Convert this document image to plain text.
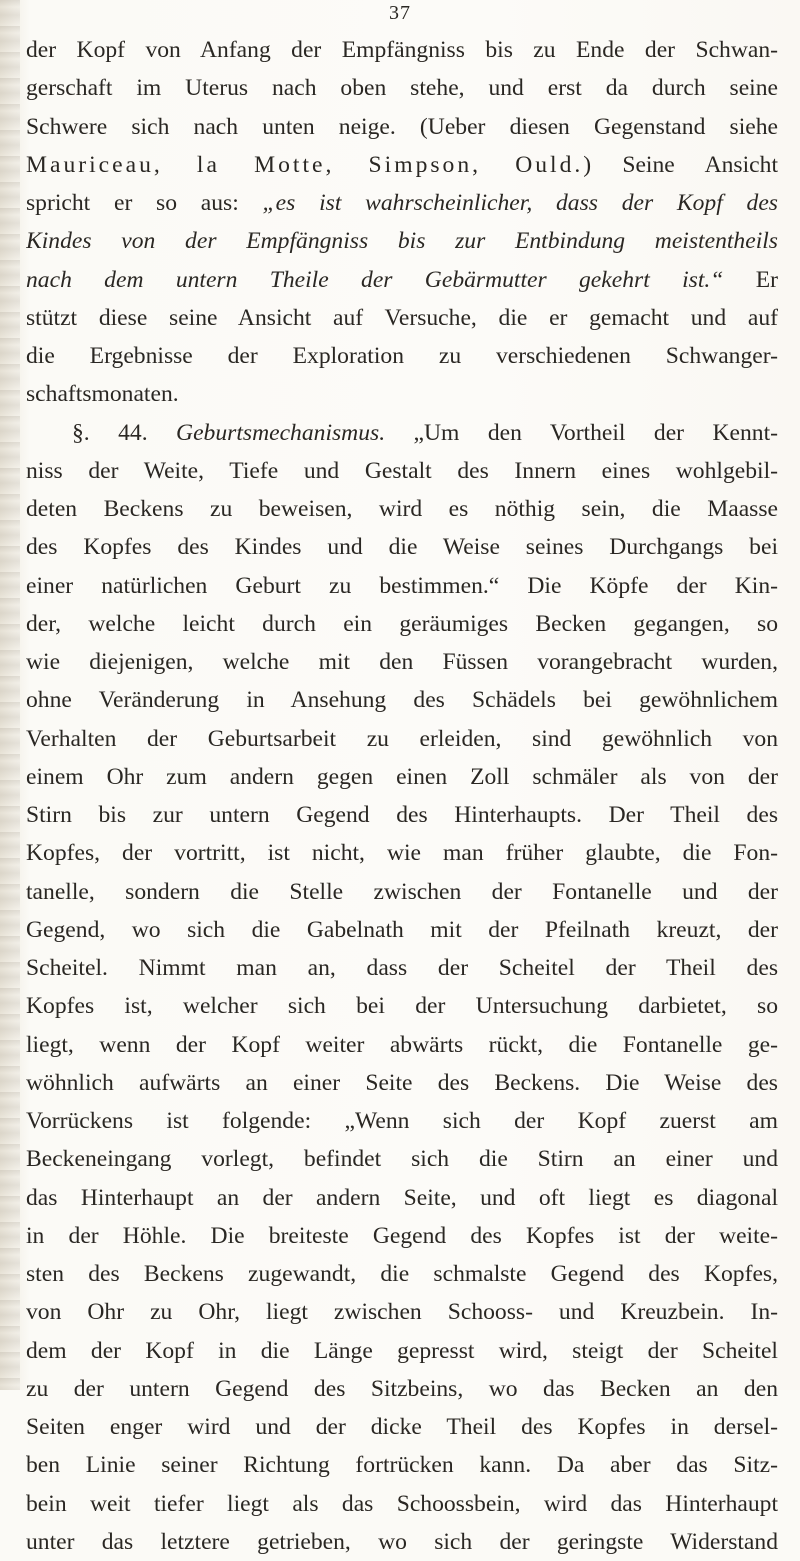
37
der Kopf von Anfang der Empfängniss bis zu Ende der Schwan-
gerschaft im Uterus nach oben stehe, und erst da durch seine
Schwere sich nach unten neige. (Ueber diesen Gegenstand siehe
Mauriceau, la Motte, Simpson, Ould.) Seine Ansicht
spricht er so aus: „es ist wahrscheinlicher, dass der Kopf des
Kindes von der Empfängniss bis zur Entbindung meistentheils
nach dem untern Theile der Gebärmutter gekehrt ist.“ Er
stützt diese seine Ansicht auf Versuche, die er gemacht und auf
die Ergebnisse der Exploration zu verschiedenen Schwanger-
schaftsmonaten.
§. 44. Geburtsmechanismus. „Um den Vortheil der Kennt-
niss der Weite, Tiefe und Gestalt des Innern eines wohlgebil-
deten Beckens zu beweisen, wird es nöthig sein, die Maasse
des Kopfes des Kindes und die Weise seines Durchgangs bei
einer natürlichen Geburt zu bestimmen.“ Die Köpfe der Kin-
der, welche leicht durch ein geräumiges Becken gegangen, so
wie diejenigen, welche mit den Füssen vorangebracht wurden,
ohne Veränderung in Ansehung des Schädels bei gewöhnlichem
Verhalten der Geburtsarbeit zu erleiden, sind gewöhnlich von
einem Ohr zum andern gegen einen Zoll schmäler als von der
Stirn bis zur untern Gegend des Hinterhaupts. Der Theil des
Kopfes, der vortritt, ist nicht, wie man früher glaubte, die Fon-
tanelle, sondern die Stelle zwischen der Fontanelle und der
Gegend, wo sich die Gabelnath mit der Pfeilnath kreuzt, der
Scheitel. Nimmt man an, dass der Scheitel der Theil des
Kopfes ist, welcher sich bei der Untersuchung darbietet, so
liegt, wenn der Kopf weiter abwärts rückt, die Fontanelle ge-
wöhnlich aufwärts an einer Seite des Beckens. Die Weise des
Vorrückens ist folgende: „Wenn sich der Kopf zuerst am
Beckeneingang vorlegt, befindet sich die Stirn an einer und
das Hinterhaupt an der andern Seite, und oft liegt es diagonal
in der Höhle. Die breiteste Gegend des Kopfes ist der weite-
sten des Beckens zugewandt, die schmalste Gegend des Kopfes,
von Ohr zu Ohr, liegt zwischen Schooss- und Kreuzbein. In-
dem der Kopf in die Länge gepresst wird, steigt der Scheitel
zu der untern Gegend des Sitzbeins, wo das Becken an den
Seiten enger wird und der dicke Theil des Kopfes in dersel-
ben Linie seiner Richtung fortrücken kann. Da aber das Sitz-
bein weit tiefer liegt als das Schoossbein, wird das Hinterhaupt
unter das letztere getrieben, wo sich der geringste Widerstand
